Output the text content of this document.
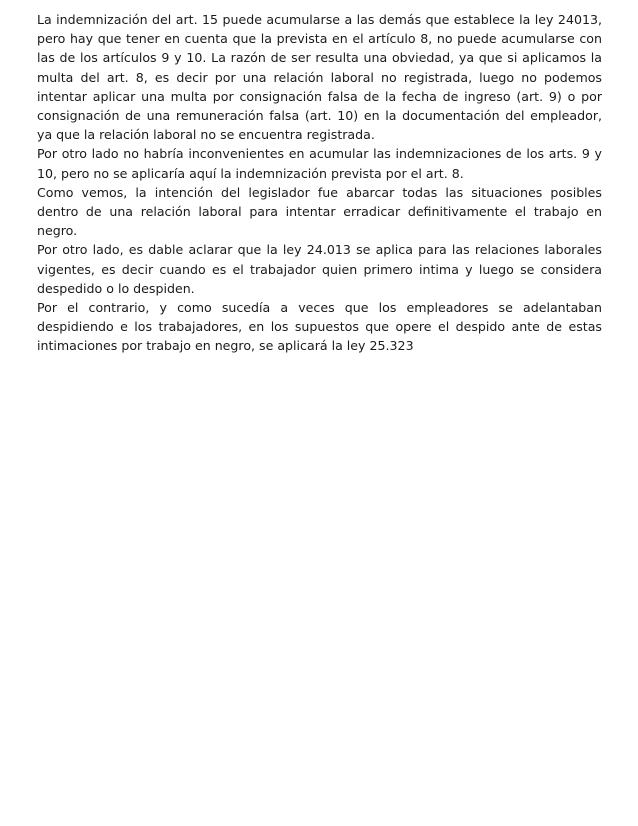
La indemnización del art. 15 puede acumularse a las demás que establece la ley 24013, pero hay que tener en cuenta que la prevista en el artículo 8, no puede acumularse con las de los artículos 9 y 10. La razón de ser resulta una obviedad, ya que si aplicamos la multa del art. 8, es decir por una relación laboral no registrada, luego no podemos intentar aplicar una multa por consignación falsa de la fecha de ingreso (art. 9) o por consignación de una remuneración falsa (art. 10) en la documentación del empleador, ya que la relación laboral no se encuentra registrada.

Por otro lado no habría inconvenientes en acumular las indemnizaciones de los arts. 9 y 10, pero no se aplicaría aquí la indemnización prevista por el art. 8.

Como vemos, la intención del legislador fue abarcar todas las situaciones posibles dentro de una relación laboral para intentar erradicar definitivamente el trabajo en negro.

Por otro lado, es dable aclarar que la ley 24.013 se aplica para las relaciones laborales vigentes, es decir cuando es el trabajador quien primero intima y luego se considera despedido o lo despiden.

Por el contrario, y como sucedía a veces que los empleadores se adelantaban despidiendo e los trabajadores, en los supuestos que opere el despido ante de estas intimaciones por trabajo en negro, se aplicará la ley 25.323
